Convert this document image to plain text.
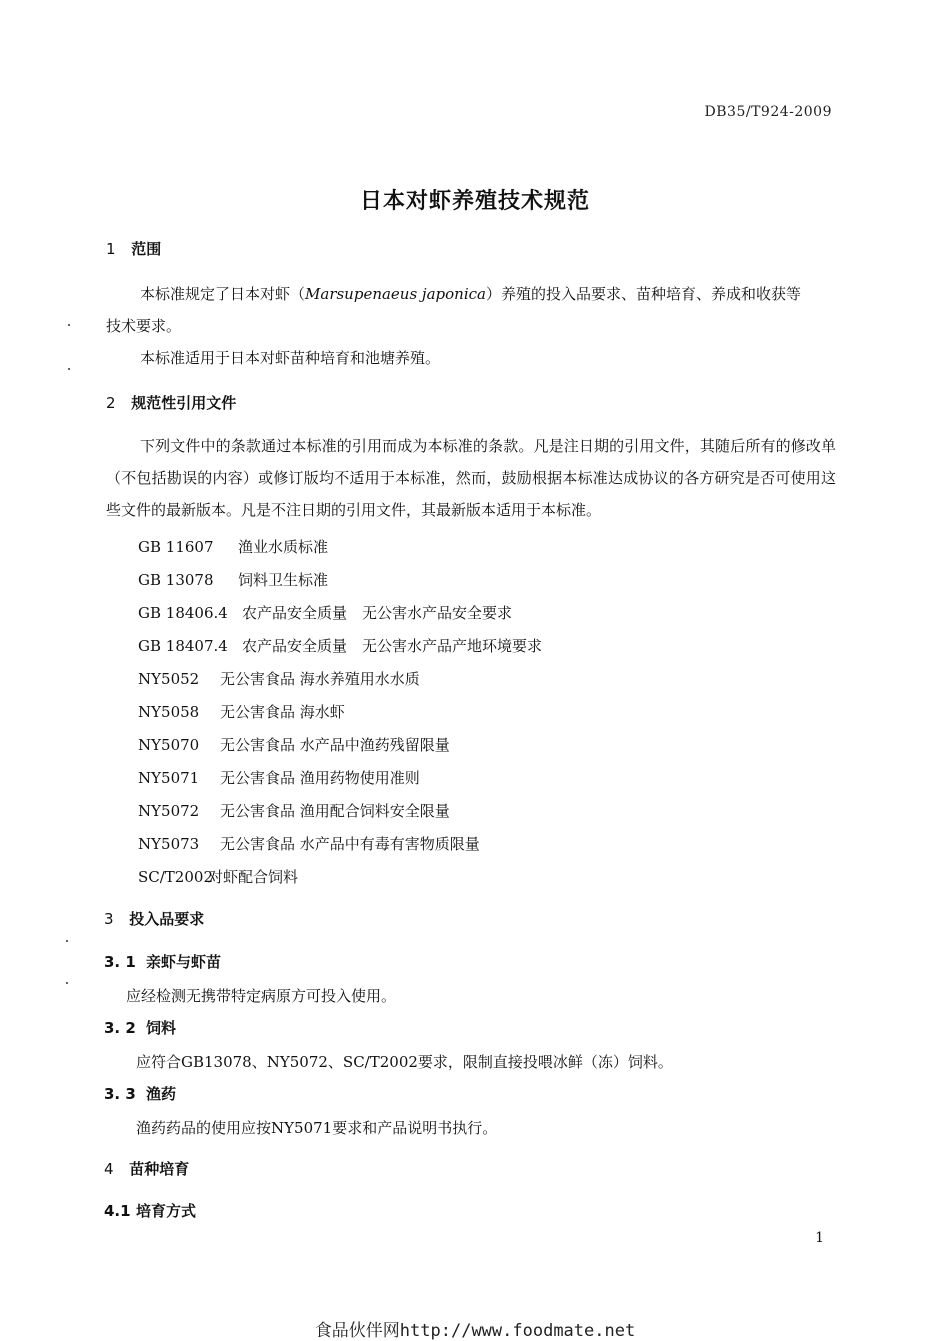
DB35/T924-2009
日本对虾养殖技术规范
1 范围
本标准规定了日本对虾（Marsupenaeus japonica）养殖的投入品要求、苗种培育、养成和收获等
技术要求。
本标准适用于日本对虾苗种培育和池塘养殖。
2 规范性引用文件
下列文件中的条款通过本标准的引用而成为本标准的条款。凡是注日期的引用文件，其随后所有的修改单（不包括勘误的内容）或修订版均不适用于本标准，然而，鼓励根据本标准达成协议的各方研究是否可使用这些文件的最新版本。凡是不注日期的引用文件，其最新版本适用于本标准。
GB 11607 渔业水质标准
GB 13078 饲料卫生标准
GB 18406.4 农产品安全质量　无公害水产品安全要求
GB 18407.4 农产品安全质量　无公害水产品产地环境要求
NY5052 无公害食品 海水养殖用水水质
NY5058 无公害食品 海水虾
NY5070 无公害食品 水产品中渔药残留限量
NY5071 无公害食品 渔用药物使用准则
NY5072 无公害食品 渔用配合饲料安全限量
NY5073 无公害食品 水产品中有毒有害物质限量
SC/T2002对虾配合饲料
3 投入品要求
3. 1 亲虾与虾苗
应经检测无携带特定病原方可投入使用。
3. 2 饲料
应符合GB13078、NY5072、SC/T2002要求，限制直接投喂冰鲜（冻）饲料。
3. 3 渔药
渔药药品的使用应按NY5071要求和产品说明书执行。
4 苗种培育
4.1 培育方式
1
食品伙伴网http://www.foodmate.net
